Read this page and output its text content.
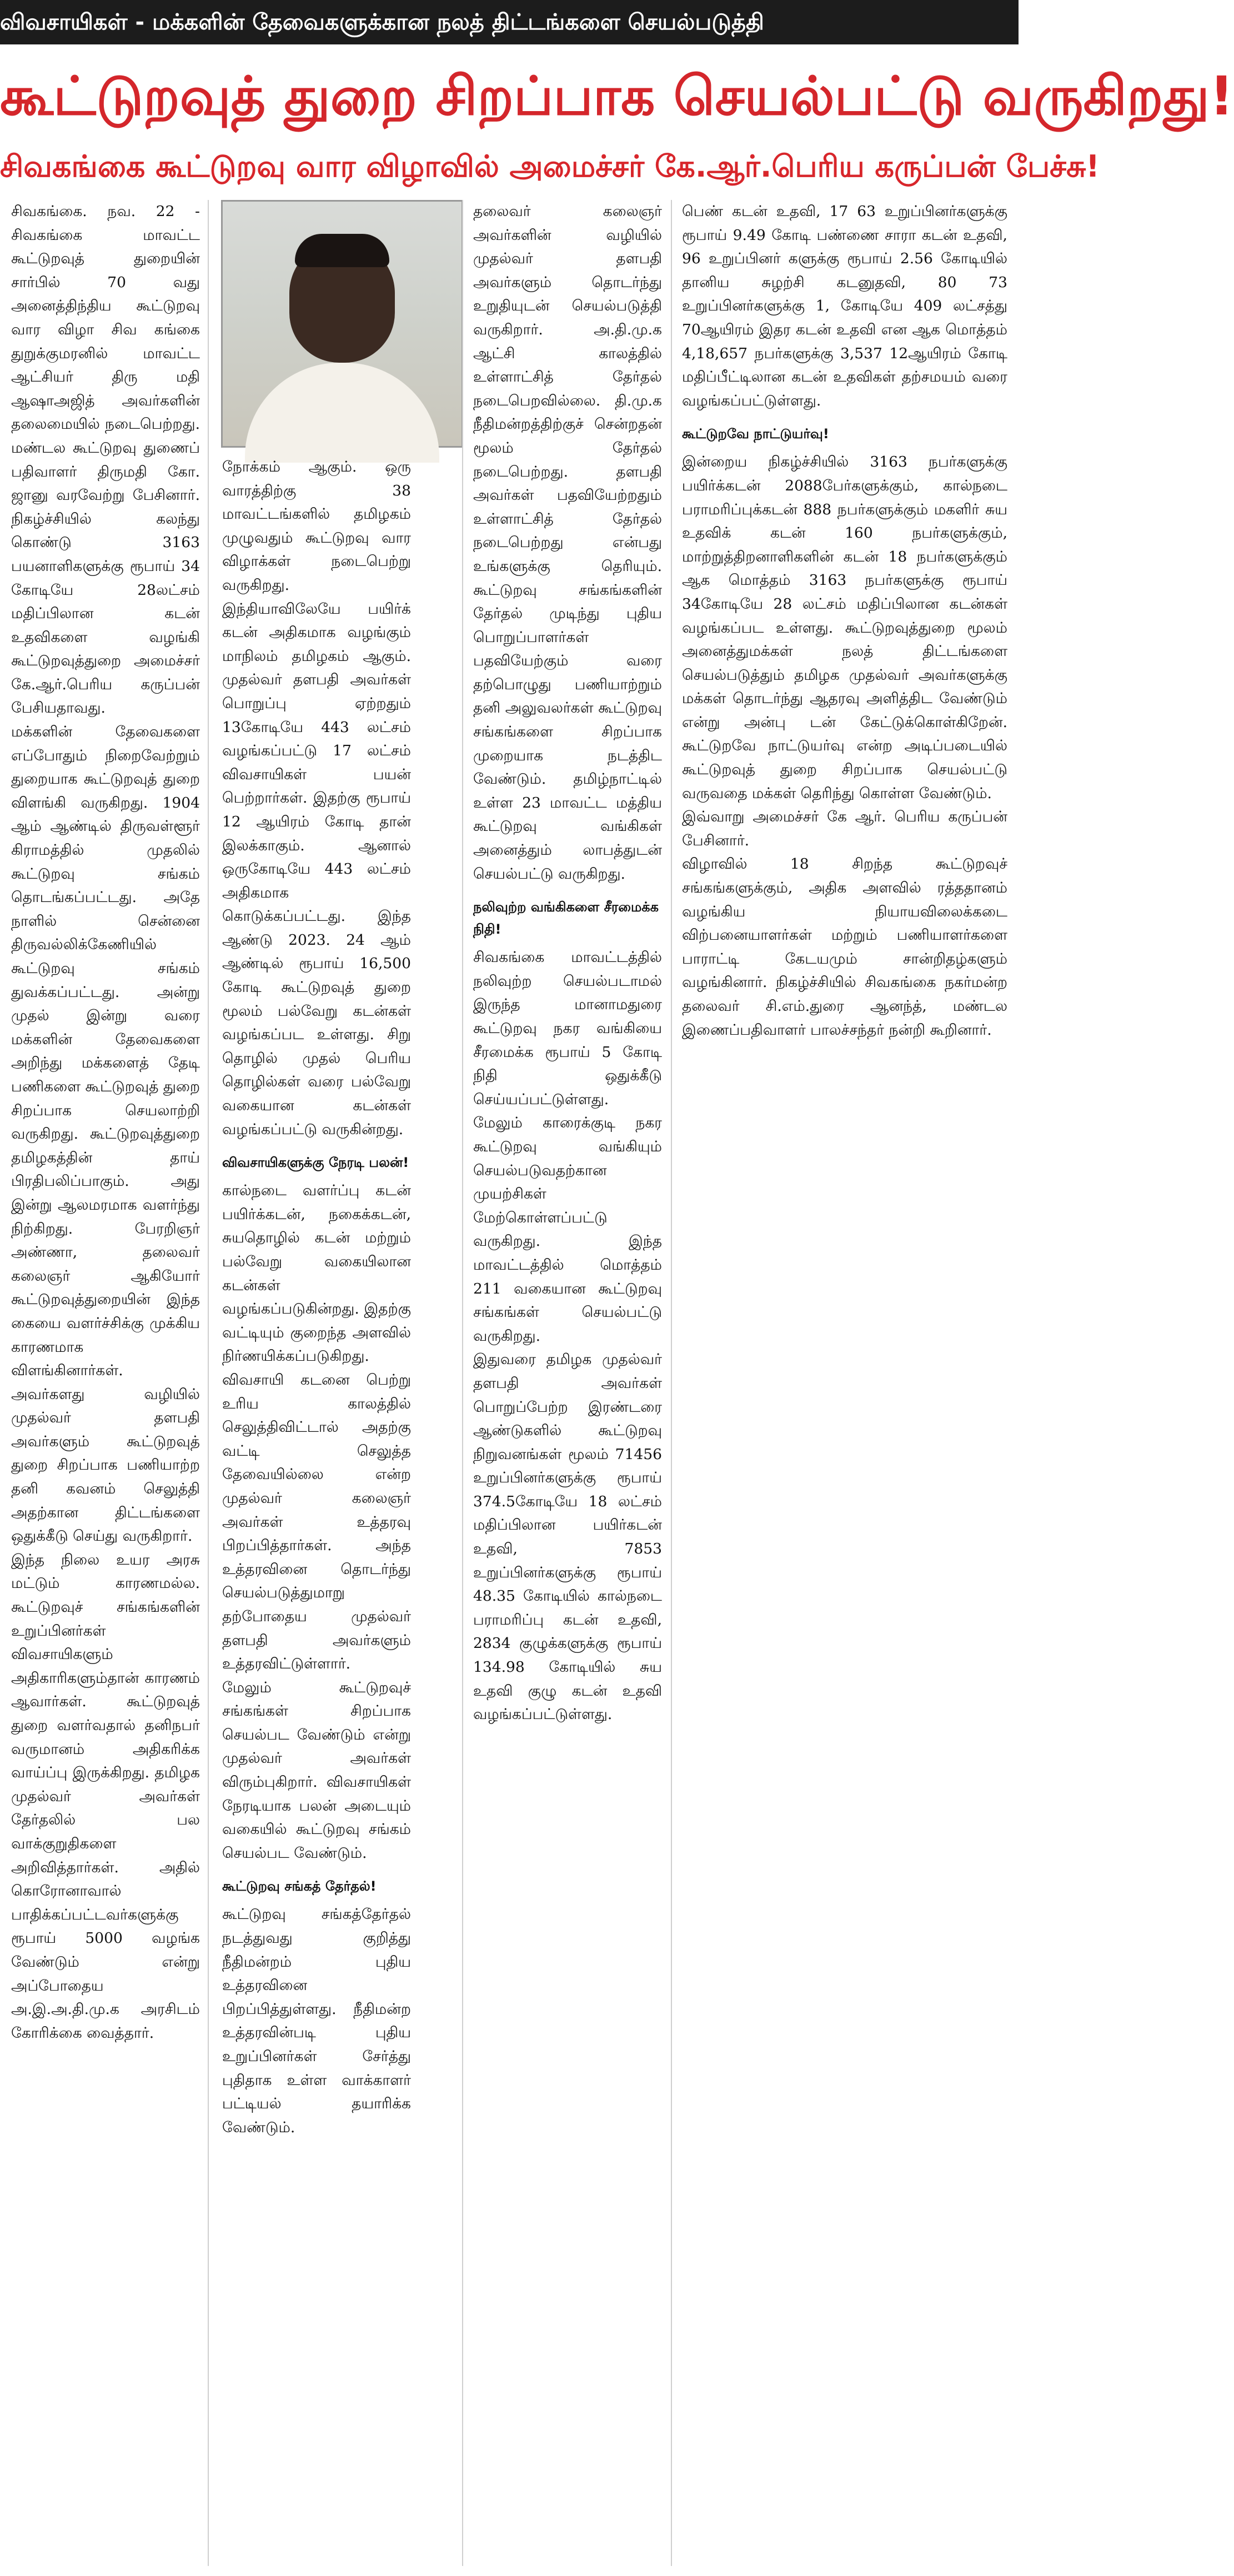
விவசாயிகள் - மக்களின் தேவைகளுக்கான நலத் திட்டங்களை செயல்படுத்தி
கூட்டுறவுத் துறை சிறப்பாக செயல்பட்டு வருகிறது!
சிவகங்கை கூட்டுறவு வார விழாவில் அமைச்சர் கே.ஆர்.பெரிய கருப்பன் பேச்சு!

சிவகங்கை. நவ. 22 - சிவகங்கை மாவட்ட கூட்டுறவுத் துறையின் சார்பில் 70 வது அனைத்திந்திய கூட்டுறவு வார விழா சிவ கங்கை துறுக்குமரனில் மாவட்ட ஆட்சியர் திரு மதி ஆஷாஅஜித் அவர்களின் தலைமையில் நடைபெற்றது. மண்டல கூட்டுறவு துணைப் பதிவாளர் திருமதி கோ. ஜானு வரவேற்று பேசினார். நிகழ்ச்சியில் கலந்து கொண்டு 3163 பயனாளிகளுக்கு ரூபாய் 34 கோடியே 28லட்சம் மதிப்பிலான கடன் உதவிகளை வழங்கி கூட்டுறவுத்துறை அமைச்சர் கே.ஆர்.பெரிய கருப்பன் பேசியதாவது.

மக்களின் தேவைகளை எப்போதும் நிறைவேற்றும் துறையாக கூட்டுறவுத் துறை விளங்கி வருகிறது. 1904 ஆம் ஆண்டில் திருவள்ளூர் கிராமத்தில் முதலில் கூட்டுறவு சங்கம் தொடங்கப்பட்டது. அதே நாளில் சென்னை திருவல்லிக்கேணியில் கூட்டுறவு சங்கம் துவக்கப்பட்டது. அன்று முதல் இன்று வரை மக்களின் தேவைகளை அறிந்து மக்களைத் தேடி பணிகளை கூட்டுறவுத் துறை சிறப்பாக செயலாற்றி வருகிறது. கூட்டுறவுத்துறை தமிழகத்தின் தாய் பிரதிபலிப்பாகும். அது இன்று ஆலமரமாக வளர்ந்து நிற்கிறது. பேரறிஞர் அண்ணா, தலைவர் கலைஞர் ஆகியோர் கூட்டுறவுத்துறையின் இந்த கையை வளர்ச்சிக்கு முக்கிய காரணமாக விளங்கினார்கள். அவர்களது வழியில் முதல்வர் தளபதி அவர்களும் கூட்டுறவுத் துறை சிறப்பாக பணியாற்ற தனி கவனம் செலுத்தி அதற்கான திட்டங்களை ஒதுக்கீடு செய்து வருகிறார்.

இந்த நிலை உயர அரசு மட்டும் காரணமல்ல. கூட்டுறவுச் சங்கங்களின் உறுப்பினர்கள் விவசாயிகளும் அதிகாரிகளும்தான் காரணம் ஆவார்கள். கூட்டுறவுத் துறை வளர்வதால் தனிநபர் வருமானம் அதிகரிக்க வாய்ப்பு இருக்கிறது. தமிழக முதல்வர் அவர்கள் தேர்தலில் பல வாக்குறுதிகளை அறிவித்தார்கள். அதில் கொரோனாவால் பாதிக்கப்பட்டவர்களுக்கு ரூபாய் 5000 வழங்க வேண்டும் என்று அப்போதைய அ.இ.அ.தி.மு.க அரசிடம் கோரிக்கை வைத்தார்.

நோக்கம் ஆகும். ஒரு வாரத்திற்கு 38 மாவட்டங்களில் தமிழகம் முழுவதும் கூட்டுறவு வார விழாக்கள் நடைபெற்று வருகிறது. இந்தியாவிலேயே பயிர்க் கடன் அதிகமாக வழங்கும் மாநிலம் தமிழகம் ஆகும். முதல்வர் தளபதி அவர்கள் பொறுப்பு ஏற்றதும் 13கோடியே 443 லட்சம் வழங்கப்பட்டு 17 லட்சம் விவசாயிகள் பயன் பெற்றார்கள். இதற்கு ரூபாய் 12 ஆயிரம் கோடி தான் இலக்காகும். ஆனால் ஒருகோடியே 443 லட்சம் அதிகமாக கொடுக்கப்பட்டது. இந்த ஆண்டு 2023. 24 ஆம் ஆண்டில் ரூபாய் 16,500 கோடி கூட்டுறவுத் துறை மூலம் பல்வேறு கடன்கள் வழங்கப்பட உள்ளது. சிறு தொழில் முதல் பெரிய தொழில்கள் வரை பல்வேறு வகையான கடன்கள் வழங்கப்பட்டு வருகின்றது.

விவசாயிகளுக்கு நேரடி பலன்!

கால்நடை வளர்ப்பு கடன் பயிர்க்கடன், நகைக்கடன், சுயதொழில் கடன் மற்றும் பல்வேறு வகையிலான கடன்கள் வழங்கப்படுகின்றது. இதற்கு வட்டியும் குறைந்த அளவில் நிர்ணயிக்கப்படுகிறது. விவசாயி கடனை பெற்று உரிய காலத்தில் செலுத்திவிட்டால் அதற்கு வட்டி செலுத்த தேவையில்லை என்ற முதல்வர் கலைஞர் அவர்கள் உத்தரவு பிறப்பித்தார்கள். அந்த உத்தரவினை தொடர்ந்து செயல்படுத்துமாறு தற்போதைய முதல்வர் தளபதி அவர்களும் உத்தரவிட்டுள்ளார்.

மேலும் கூட்டுறவுச் சங்கங்கள் சிறப்பாக செயல்பட வேண்டும் என்று முதல்வர் அவர்கள் விரும்புகிறார். விவசாயிகள் நேரடியாக பலன் அடையும் வகையில் கூட்டுறவு சங்கம் செயல்பட வேண்டும்.

கூட்டுறவு சங்கத் தேர்தல்!

கூட்டுறவு சங்கத்தேர்தல் நடத்துவது குறித்து நீதிமன்றம் புதிய உத்தரவினை பிறப்பித்துள்ளது. நீதிமன்ற உத்தரவின்படி புதிய உறுப்பினர்கள் சேர்த்து புதிதாக உள்ள வாக்காளர் பட்டியல் தயாரிக்க வேண்டும்.

தலைவர் கலைஞர் அவர்களின் வழியில் முதல்வர் தளபதி அவர்களும் தொடர்ந்து உறுதியுடன் செயல்படுத்தி வருகிறார். அ.தி.மு.க ஆட்சி காலத்தில் உள்ளாட்சித் தேர்தல் நடைபெறவில்லை. தி.மு.க நீதிமன்றத்திற்குச் சென்றதன் மூலம் தேர்தல் நடைபெற்றது. தளபதி அவர்கள் பதவியேற்றதும் உள்ளாட்சித் தேர்தல் நடைபெற்றது என்பது உங்களுக்கு தெரியும். கூட்டுறவு சங்கங்களின் தேர்தல் முடிந்து புதிய பொறுப்பாளர்கள் பதவியேற்கும் வரை தற்பொழுது பணியாற்றும் தனி அலுவலர்கள் கூட்டுறவு சங்கங்களை சிறப்பாக முறையாக நடத்திட வேண்டும். தமிழ்நாட்டில் உள்ள 23 மாவட்ட மத்திய கூட்டுறவு வங்கிகள் அனைத்தும் லாபத்துடன் செயல்பட்டு வருகிறது.

நலிவுற்ற வங்கிகளை சீரமைக்க நிதி!

சிவகங்கை மாவட்டத்தில் நலிவுற்ற செயல்படாமல் இருந்த மானாமதுரை கூட்டுறவு நகர வங்கியை சீரமைக்க ரூபாய் 5 கோடி நிதி ஒதுக்கீடு செய்யப்பட்டுள்ளது. மேலும் காரைக்குடி நகர கூட்டுறவு வங்கியும் செயல்படுவதற்கான முயற்சிகள் மேற்கொள்ளப்பட்டு வருகிறது. இந்த மாவட்டத்தில் மொத்தம் 211 வகையான கூட்டுறவு சங்கங்கள் செயல்பட்டு வருகிறது.

இதுவரை தமிழக முதல்வர் தளபதி அவர்கள் பொறுப்பேற்ற இரண்டரை ஆண்டுகளில் கூட்டுறவு நிறுவனங்கள் மூலம் 71456 உறுப்பினர்களுக்கு ரூபாய் 374.5கோடியே 18 லட்சம் மதிப்பிலான பயிர்கடன் உதவி, 7853 உறுப்பினர்களுக்கு ரூபாய் 48.35 கோடியில் கால்நடை பராமரிப்பு கடன் உதவி, 2834 குழுக்களுக்கு ரூபாய் 134.98 கோடியில் சுய உதவி குழு கடன் உதவி வழங்கப்பட்டுள்ளது.

பெண் கடன் உதவி, 17 63 உறுப்பினர்களுக்கு ரூபாய் 9.49 கோடி பண்ணை சாரா கடன் உதவி, 96 உறுப்பினர் களுக்கு ரூபாய் 2.56 கோடியில் தானிய சுழற்சி கடனுதவி, 80 73 உறுப்பினர்களுக்கு 1, கோடியே 409 லட்சத்து 70ஆயிரம் இதர கடன் உதவி என ஆக மொத்தம் 4,18,657 நபர்களுக்கு 3,537 12ஆயிரம் கோடி மதிப்பீட்டிலான கடன் உதவிகள் தற்சமயம் வரை வழங்கப்பட்டுள்ளது.

கூட்டுறவே நாட்டுயர்வு!

இன்றைய நிகழ்ச்சியில் 3163 நபர்களுக்கு பயிர்க்கடன் 2088பேர்களுக்கும், கால்நடை பராமரிப்புக்கடன் 888 நபர்களுக்கும் மகளிர் சுய உதவிக் கடன் 160 நபர்களுக்கும், மாற்றுத்திறனாளிகளின் கடன் 18 நபர்களுக்கும் ஆக மொத்தம் 3163 நபர்களுக்கு ரூபாய் 34கோடியே 28 லட்சம் மதிப்பிலான கடன்கள் வழங்கப்பட உள்ளது. கூட்டுறவுத்துறை மூலம் அனைத்துமக்கள் நலத் திட்டங்களை செயல்படுத்தும் தமிழக முதல்வர் அவர்களுக்கு மக்கள் தொடர்ந்து ஆதரவு அளித்திட வேண்டும் என்று அன்பு டன் கேட்டுக்கொள்கிறேன். கூட்டுறவே நாட்டுயர்வு என்ற அடிப்படையில் கூட்டுறவுத் துறை சிறப்பாக செயல்பட்டு வருவதை மக்கள் தெரிந்து கொள்ள வேண்டும்.

இவ்வாறு அமைச்சர் கே ஆர். பெரிய கருப்பன் பேசினார்.

விழாவில் 18 சிறந்த கூட்டுறவுச் சங்கங்களுக்கும், அதிக அளவில் ரத்ததானம் வழங்கிய நியாயவிலைக்கடை விற்பனையாளர்கள் மற்றும் பணியாளர்களை பாராட்டி கேடயமும் சான்றிதழ்களும் வழங்கினார். நிகழ்ச்சியில் சிவகங்கை நகர்மன்ற தலைவர் சி.எம்.துரை ஆனந்த், மண்டல இணைப்பதிவாளர் பாலச்சந்தர் நன்றி கூறினார்.
